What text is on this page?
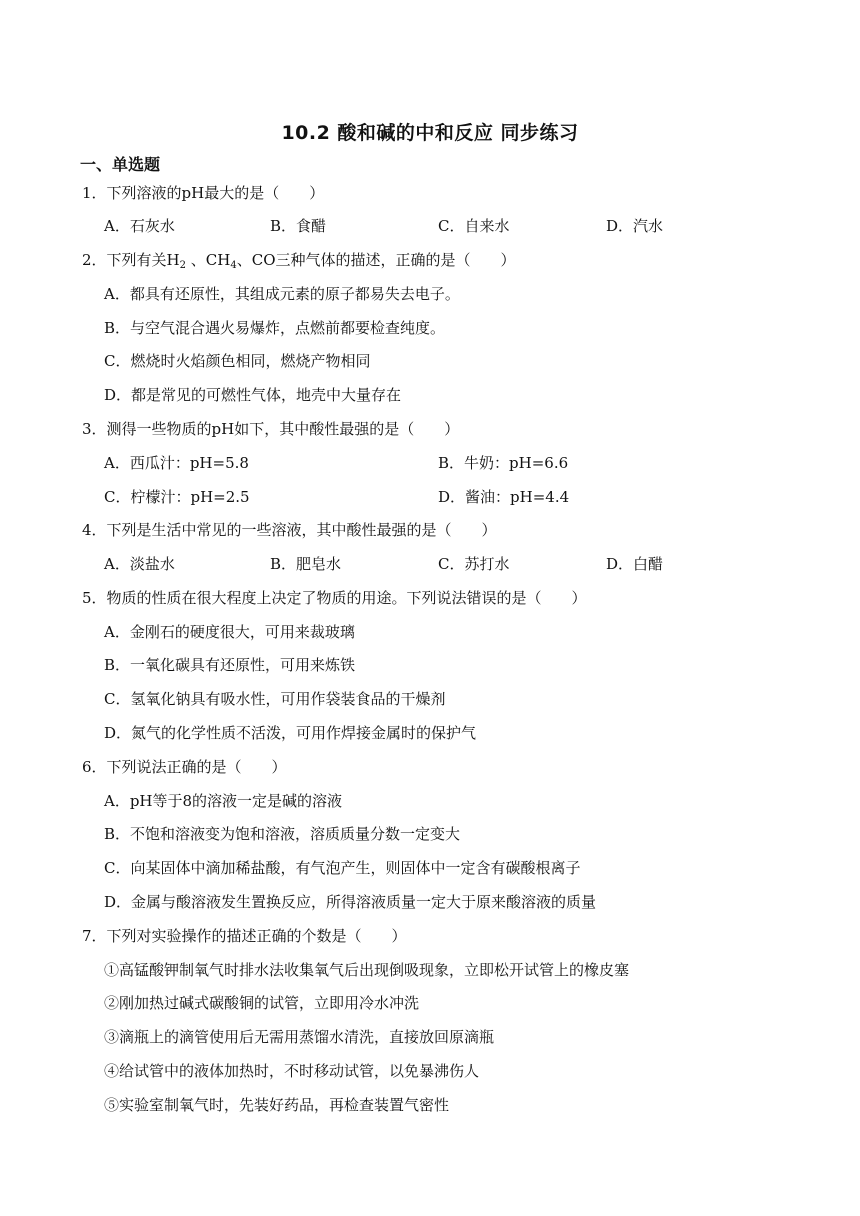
10.2 酸和碱的中和反应 同步练习
一、单选题
1．下列溶液的pH最大的是（　　）
A．石灰水	B．食醋	C．自来水	D．汽水
2．下列有关$H_2$ 、$CH_4$、CO三种气体的描述，正确的是（　　）
A．都具有还原性，其组成元素的原子都易失去电子。
B．与空气混合遇火易爆炸，点燃前都要检查纯度。
C．燃烧时火焰颜色相同，燃烧产物相同
D．都是常见的可燃性气体，地壳中大量存在
3．测得一些物质的pH如下，其中酸性最强的是（　　）
A．西瓜汁：pH=5.8	B．牛奶：pH=6.6
C．柠檬汁：pH=2.5	D．酱油：pH=4.4
4．下列是生活中常见的一些溶液，其中酸性最强的是（　　）
A．淡盐水	B．肥皂水	C．苏打水	D．白醋
5．物质的性质在很大程度上决定了物质的用途。下列说法错误的是（　　）
A．金刚石的硬度很大，可用来裁玻璃
B．一氧化碳具有还原性，可用来炼铁
C．氢氧化钠具有吸水性，可用作袋装食品的干燥剂
D．氮气的化学性质不活泼，可用作焊接金属时的保护气
6．下列说法正确的是（　　）
A．pH等于8的溶液一定是碱的溶液
B．不饱和溶液变为饱和溶液，溶质质量分数一定变大
C．向某固体中滴加稀盐酸，有气泡产生，则固体中一定含有碳酸根离子
D．金属与酸溶液发生置换反应，所得溶液质量一定大于原来酸溶液的质量
7．下列对实验操作的描述正确的个数是（　　）
①高锰酸钾制氧气时排水法收集氧气后出现倒吸现象，立即松开试管上的橡皮塞
②刚加热过碱式碳酸铜的试管，立即用冷水冲洗
③滴瓶上的滴管使用后无需用蒸馏水清洗，直接放回原滴瓶
④给试管中的液体加热时，不时移动试管，以免暴沸伤人
⑤实验室制氧气时，先装好药品，再检查装置气密性
